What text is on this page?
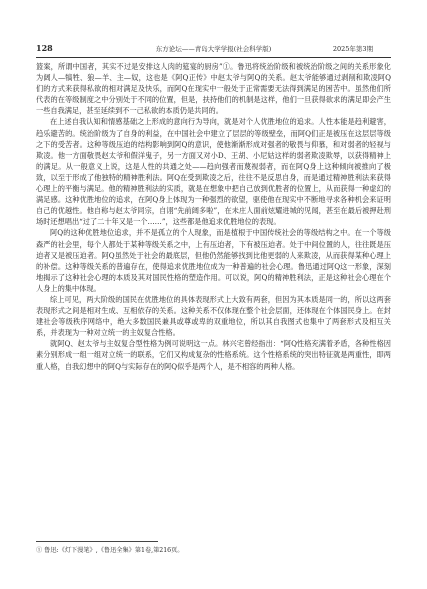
128	东方论坛——青岛大学学报(社会科学版)	2025年第3期

篮案，所谓中国者，其实不过是安排这人肉的筵宴的厨房”①。鲁迅将统治阶级和被统治阶级之间的关系形象化为阔人—犒牲、狼—羊、主—奴，这也是《阿Q正传》中赵太爷与阿Q的关系。赵太爷能够通过剥削和欺凌阿Q们的方式来获得私欲的相对满足及快乐，而阿Q在现实中一般处于正常需要无法得到满足的困苦中。虽然他们所代表的在等级制度之中分别处于不同的位置，但是，扶持他们的机制是这样，他们一旦获得欲求的满足即会产生一些自我满足，甚至延续到不一己私欲的本质仍是共同的。

在上述自我认知和情感基础之上形成的意向行为导向，就是对个人优胜地位的追求。人性本能是趋利避害，趋乐避苦的。统治阶级为了自身的利益，在中国社会中建立了层层的等级壁垒，而阿Q们正是被压在这层层等级之下的受苦者。这种等级压迫的结构影响到阿Q的意识，使他渐渐形成对强者的敬畏与仰慕，和对弱者的轻视与欺凌。他一方面敬畏赵太爷和假洋鬼子，另一方面又对小D、王胡、小尼姑这样的弱者欺凌欺辱，以获得精神上的满足。从一般意义上说，这是人性的共通之处——趋向强者而蔑视弱者，而在阿Q身上这种倾向被推向了极致，以至于形成了他独特的精神胜利法。阿Q在受到欺凌之后，往往不是反思自身，而是通过精神胜利法来获得心理上的平衡与满足。他的精神胜利法的实质，就是在想象中把自己放到优胜者的位置上，从而获得一种虚幻的满足感。这种优胜地位的追求，在阿Q身上体现为一种强烈的欲望，驱使他在现实中不断地寻求各种机会来证明自己的优越性。他自称与赵太爷同宗，自诩“先前阔多啦”，在未庄人面前炫耀进城的见闻，甚至在最后被押赴刑场时还想唱出“过了二十年又是一个……”，这些都是他追求优胜地位的表现。

阿Q的这种优胜地位追求，并不是孤立的个人现象，而是植根于中国传统社会的等级结构之中。在一个等级森严的社会里，每个人都处于某种等级关系之中，上有压迫者，下有被压迫者。处于中间位置的人，往往既是压迫者又是被压迫者。阿Q虽然处于社会的最底层，但他仍然能够找到比他更弱的人来欺凌，从而获得某种心理上的补偿。这种等级关系的普遍存在，使得追求优胜地位成为一种普遍的社会心理。鲁迅通过阿Q这一形象，深刻地揭示了这种社会心理的本质及其对国民性格的塑造作用。可以说，阿Q的精神胜利法，正是这种社会心理在个人身上的集中体现。

综上可见，两大阶级的国民在优胜地位的具体表现形式上大致有两套，但因为其本质是同一的，所以这两套表现形式之间是相对生成、互相依存的关系。这种关系不仅体现在整个社会层面，还体现在个体国民身上。在封建社会等级秩序网络中，绝大多数国民兼具或尊或卑的双重地位，所以其自我图式也集中了两套形式及相互关系，并表现为一种对立统一的主奴复合性格。

就阿Q、赵太爷与主奴复合型性格为例可说明这一点。林兴宅曾经指出：“阿Q性格充满着矛盾，各种性格因素分别形成一组一组对立统一的联系，它们又构成复杂的性格系统。这个性格系统的突出特征就是两重性，即两重人格，自我幻想中的阿Q与实际存在的阿Q似乎是两个人，是不相容的两种人格。

① 鲁迅:《灯下漫笔》,《鲁迅全集》第1卷,第216页。
